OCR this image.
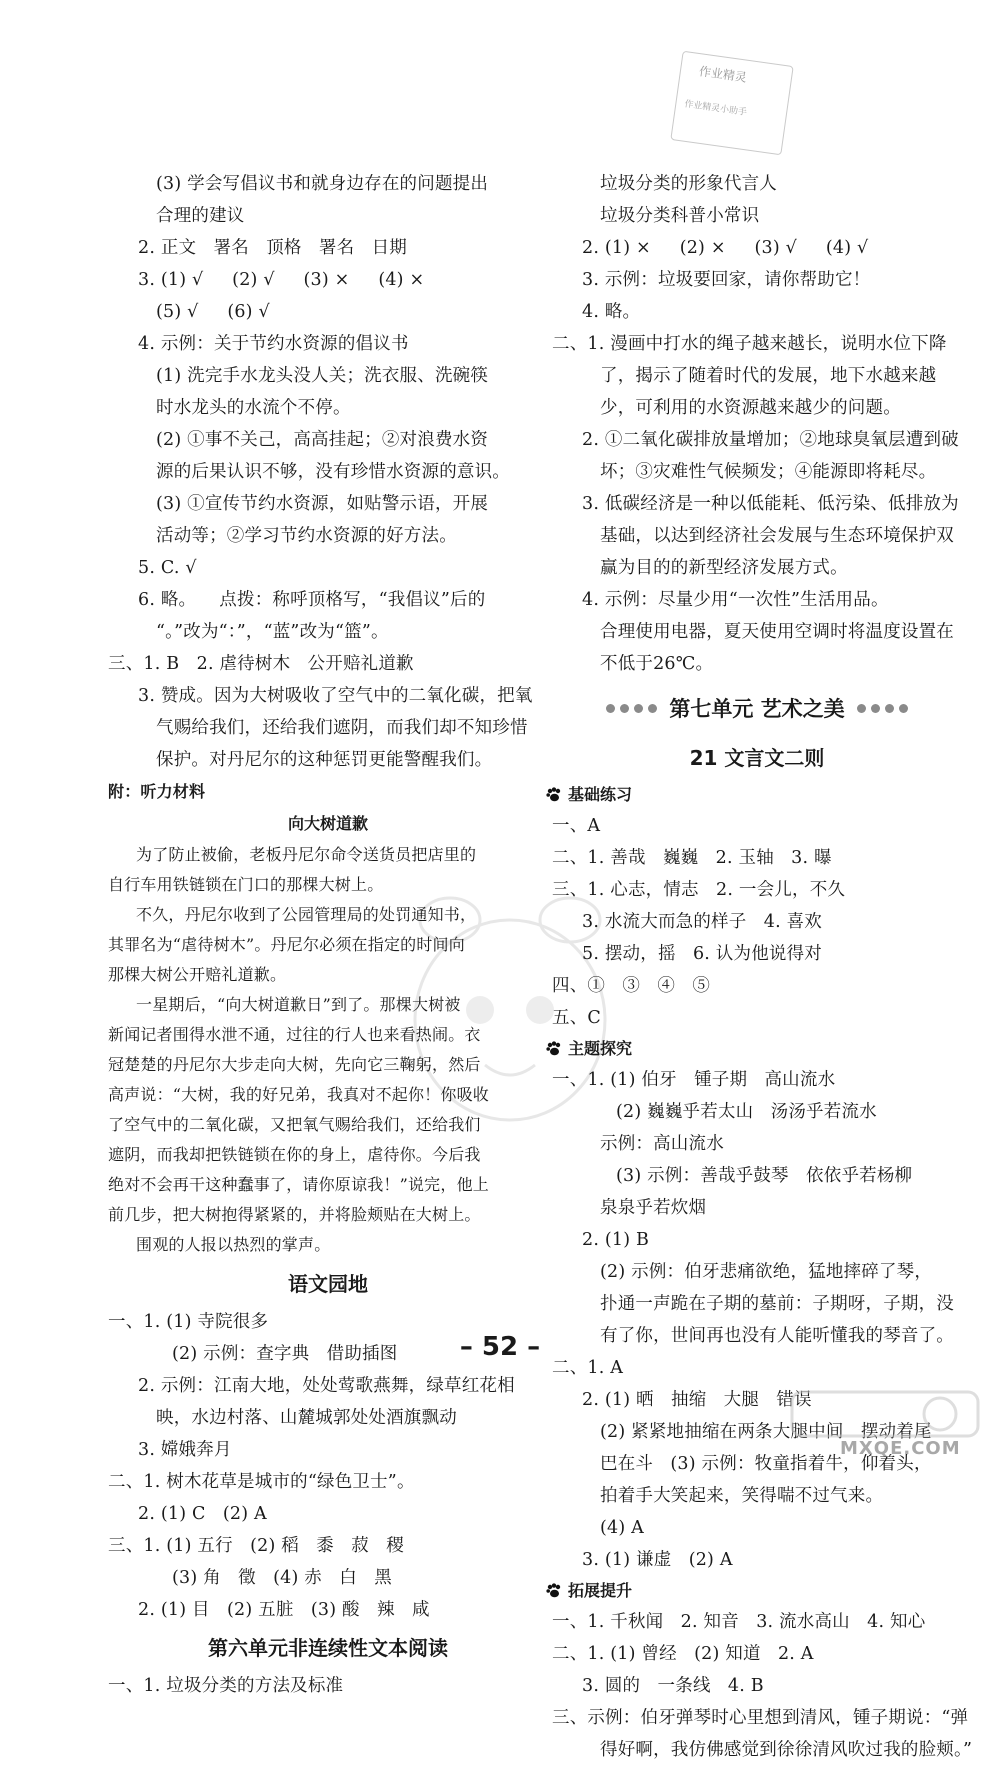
作业精灵
作业精灵小助手
(3) 学会写倡议书和就身边存在的问题提出
合理的建议
2. 正文   署名   顶格   署名   日期
3. (1) √     (2) √     (3) ×     (4) ×
(5) √     (6) √
4. 示例：关于节约水资源的倡议书
(1) 洗完手水龙头没人关；洗衣服、洗碗筷
时水龙头的水流个不停。
(2) ①事不关己，高高挂起；②对浪费水资
源的后果认识不够，没有珍惜水资源的意识。
(3) ①宣传节约水资源，如贴警示语，开展
活动等；②学习节约水资源的好方法。
5. C. √
6. 略。    点拨：称呼顶格写，“我倡议”后的
“。”改为“：”，“蓝”改为“篮”。
三、1. B   2. 虐待树木   公开赔礼道歉
3. 赞成。因为大树吸收了空气中的二氧化碳，把氧
气赐给我们，还给我们遮阴，而我们却不知珍惜
保护。对丹尼尔的这种惩罚更能警醒我们。
附：听力材料
向大树道歉
为了防止被偷，老板丹尼尔命令送货员把店里的
自行车用铁链锁在门口的那棵大树上。
不久，丹尼尔收到了公园管理局的处罚通知书，
其罪名为“虐待树木”。丹尼尔必须在指定的时间向
那棵大树公开赔礼道歉。
一星期后，“向大树道歉日”到了。那棵大树被
新闻记者围得水泄不通，过往的行人也来看热闹。衣
冠楚楚的丹尼尔大步走向大树，先向它三鞠躬，然后
高声说：“大树，我的好兄弟，我真对不起你！你吸收
了空气中的二氧化碳，又把氧气赐给我们，还给我们
遮阴，而我却把铁链锁在你的身上，虐待你。今后我
绝对不会再干这种蠢事了，请你原谅我！”说完，他上
前几步，把大树抱得紧紧的，并将脸颊贴在大树上。
围观的人报以热烈的掌声。
语文园地
一、1. (1) 寺院很多
(2) 示例：查字典   借助插图
2. 示例：江南大地，处处莺歌燕舞，绿草红花相
映，水边村落、山麓城郭处处酒旗飘动
3. 嫦娥奔月
二、1. 树木花草是城市的“绿色卫士”。
2. (1) C   (2) A
三、1. (1) 五行   (2) 稻   黍   菽   稷
(3) 角   徵   (4) 赤   白   黑
2. (1) 目   (2) 五脏   (3) 酸   辣   咸
第六单元非连续性文本阅读
一、1. 垃圾分类的方法及标准
垃圾分类的形象代言人
垃圾分类科普小常识
2. (1) ×     (2) ×     (3) √     (4) √
3. 示例：垃圾要回家，请你帮助它！
4. 略。
二、1. 漫画中打水的绳子越来越长，说明水位下降
了，揭示了随着时代的发展，地下水越来越
少，可利用的水资源越来越少的问题。
2. ①二氧化碳排放量增加；②地球臭氧层遭到破
坏；③灾难性气候频发；④能源即将耗尽。
3. 低碳经济是一种以低能耗、低污染、低排放为
基础，以达到经济社会发展与生态环境保护双
赢为目的的新型经济发展方式。
4. 示例：尽量少用“一次性”生活用品。
合理使用电器，夏天使用空调时将温度设置在
不低于26℃。
第七单元 艺术之美
21 文言文二则
基础练习
一、A
二、1. 善哉   巍巍   2. 玉轴   3. 曝
三、1. 心志，情志   2. 一会儿，不久
3. 水流大而急的样子   4. 喜欢
5. 摆动，摇   6. 认为他说得对
四、①   ③   ④   ⑤
五、C
主题探究
一、1. (1) 伯牙   锺子期   高山流水
(2) 巍巍乎若太山   汤汤乎若流水
示例：高山流水
(3) 示例：善哉乎鼓琴   依依乎若杨柳
泉泉乎若炊烟
2. (1) B
(2) 示例：伯牙悲痛欲绝，猛地摔碎了琴，
扑通一声跪在子期的墓前：子期呀，子期，没
有了你，世间再也没有人能听懂我的琴音了。
二、1. A
2. (1) 晒   抽缩   大腿   错误
(2) 紧紧地抽缩在两条大腿中间   摆动着尾
巴在斗   (3) 示例：牧童指着牛，仰着头，
拍着手大笑起来，笑得喘不过气来。
(4) A
3. (1) 谦虚   (2) A
拓展提升
一、1. 千秋闻   2. 知音   3. 流水高山   4. 知心
二、1. (1) 曾经   (2) 知道   2. A
3. 圆的   一条线   4. B
三、示例：伯牙弹琴时心里想到清风，锺子期说：“弹
得好啊，我仿佛感觉到徐徐清风吹过我的脸颊。”
– 52 –
MXQE.COM
